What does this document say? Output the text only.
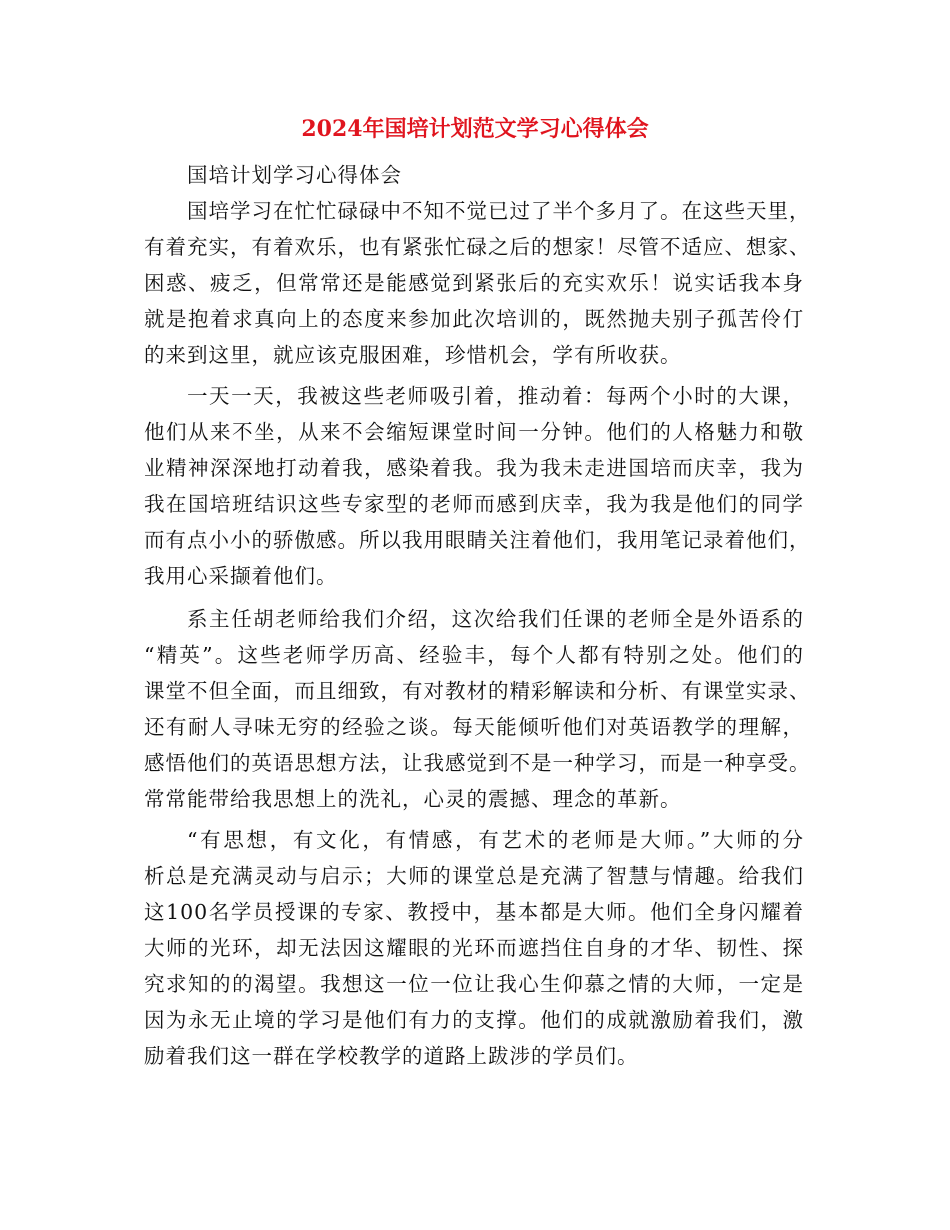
2024年国培计划范文学习心得体会
国培计划学习心得体会
国培学习在忙忙碌碌中不知不觉已过了半个多月了。在这些天里，
有着充实，有着欢乐，也有紧张忙碌之后的想家！尽管不适应、想家、
困惑、疲乏，但常常还是能感觉到紧张后的充实欢乐！说实话我本身
就是抱着求真向上的态度来参加此次培训的，既然抛夫别子孤苦伶仃
的来到这里，就应该克服困难，珍惜机会，学有所收获。
一天一天，我被这些老师吸引着，推动着：每两个小时的大课，
他们从来不坐，从来不会缩短课堂时间一分钟。他们的人格魅力和敬
业精神深深地打动着我，感染着我。我为我未走进国培而庆幸，我为
我在国培班结识这些专家型的老师而感到庆幸，我为我是他们的同学
而有点小小的骄傲感。所以我用眼睛关注着他们，我用笔记录着他们，
我用心采撷着他们。
系主任胡老师给我们介绍，这次给我们任课的老师全是外语系的
“精英”。这些老师学历高、经验丰，每个人都有特别之处。他们的
课堂不但全面，而且细致，有对教材的精彩解读和分析、有课堂实录、
还有耐人寻味无穷的经验之谈。每天能倾听他们对英语教学的理解，
感悟他们的英语思想方法，让我感觉到不是一种学习，而是一种享受。
常常能带给我思想上的洗礼，心灵的震撼、理念的革新。
“有思想，有文化，有情感，有艺术的老师是大师。”大师的分
析总是充满灵动与启示；大师的课堂总是充满了智慧与情趣。给我们
这100名学员授课的专家、教授中，基本都是大师。他们全身闪耀着
大师的光环，却无法因这耀眼的光环而遮挡住自身的才华、韧性、探
究求知的的渴望。我想这一位一位让我心生仰慕之情的大师，一定是
因为永无止境的学习是他们有力的支撑。他们的成就激励着我们，激
励着我们这一群在学校教学的道路上跋涉的学员们。
